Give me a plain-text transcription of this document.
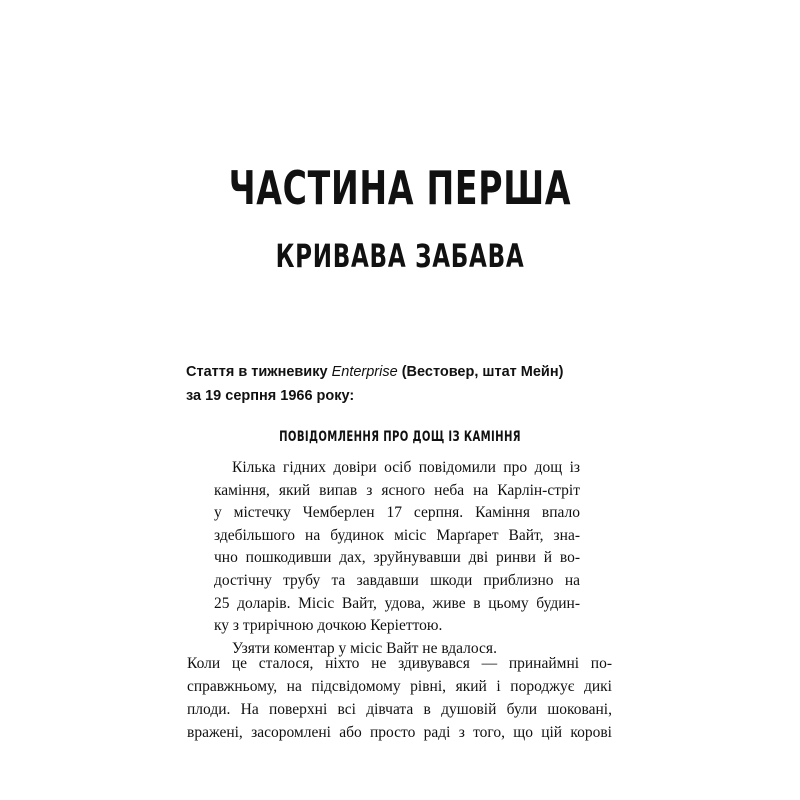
ЧАСТИНА ПЕРША
КРИВАВА ЗАБАВА
Стаття в тижневику Enterprise (Вестовер, штат Мейн)
за 19 серпня 1966 року:
ПОВІДОМЛЕННЯ ПРО ДОЩ ІЗ КАМІННЯ
Кілька гідних довіри осіб повідомили про дощ із
каміння, який випав з ясного неба на Карлін-стріт
у містечку Чемберлен 17 серпня. Каміння впало
здебільшого на будинок місіс Марґарет Вайт, зна-
чно пошкодивши дах, зруйнувавши дві ринви й во-
достічну трубу та завдавши шкоди приблизно на
25 доларів. Місіс Вайт, удова, живе в цьому будин-
ку з трирічною дочкою Керіеттою.
Узяти коментар у місіс Вайт не вдалося.
Коли це сталося, ніхто не здивувався — принаймні по-
справжньому, на підсвідомому рівні, який і породжує дикі
плоди. На поверхні всі дівчата в душовій були шоковані,
вражені, засоромлені або просто раді з того, що цій корові
